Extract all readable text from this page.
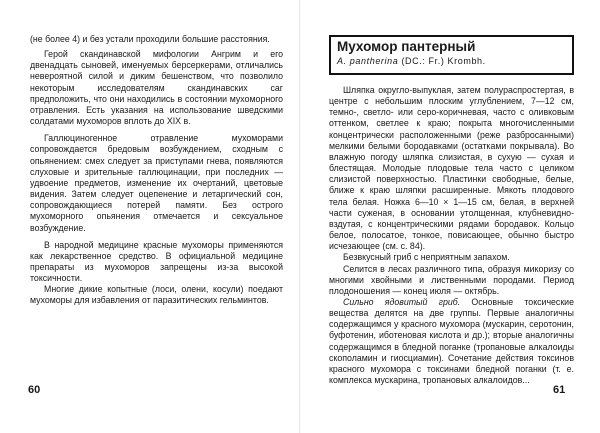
(не более 4) и без устали проходили большие расстояния.

Герой скандинавской мифологии Ангрим и его двенадцать сыновей, именуемых берсеркерами, отличались невероятной силой и диким бешенством, что позволило некоторым исследователям скандинавских саг предположить, что они находились в состоянии мухоморного отравления. Есть указания на использование шведскими солдатами мухоморов вплоть до XIX в.

Галлюциногенное отравление мухоморами сопровождается бредовым возбуждением, сходным с опьянением: смех следует за приступами гнева, появляются слуховые и зрительные галлюцинации, при последних — удвоение предметов, изменение их очертаний, цветовые видения. Затем следует оцепенение и летаргический сон, сопровождающиеся потерей памяти. Без острого мухоморного опьянения отмечается и сексуальное возбуждение.

В народной медицине красные мухоморы применяются как лекарственное средство. В официальной медицине препараты из мухоморов запрещены из-за высокой токсичности.

Многие дикие копытные (лоси, олени, косули) поедают мухоморы для избавления от паразитических гельминтов.

60
Мухомор пантерный
A. pantherina (DC.: Fr.) Krombh.

Шляпка округло-выпуклая, затем полураспростертая, в центре с небольшим плоским углублением, 7—12 см, темно-, светло- или серо-коричневая, часто с оливковым оттенком, светлее к краю; покрыта многочисленными концентрически расположенными (реже разбросанными) мелкими белыми бородавками (остатками покрывала). Во влажную погоду шляпка слизистая, в сухую — сухая и блестящая. Молодые плодовые тела часто с целиком слизистой поверхностью. Пластинки свободные, белые, ближе к краю шляпки расширенные. Мякоть плодового тела белая. Ножка 6—10 × 1—15 см, белая, в верхней части суженая, в основании утолщенная, клубневидно-вздутая, с концентрическими рядами бородавок. Кольцо белое, полосатое, тонкое, повисающее, обычно быстро исчезающее (см. с. 84).

Безвкусный гриб с неприятным запахом.

Селится в лесах различного типа, образуя микоризу со многими хвойными и лиственными породами. Период плодоношения — конец июля — октябрь.

Сильно ядовитый гриб. Основные токсические вещества делятся на две группы. Первые аналогичны содержащимся у красного мухомора (мускарин, серотонин, буфотенин, иботеновая кислота и др.); вторые аналогичны содержащимся в бледной поганке (тропановые алкалоиды скополамин и гиосциамин). Сочетание действия токсинов красного мухомора с токсинами бледной поганки (т. е. комплекса мускарина, тропановых алкалоидов...

61
